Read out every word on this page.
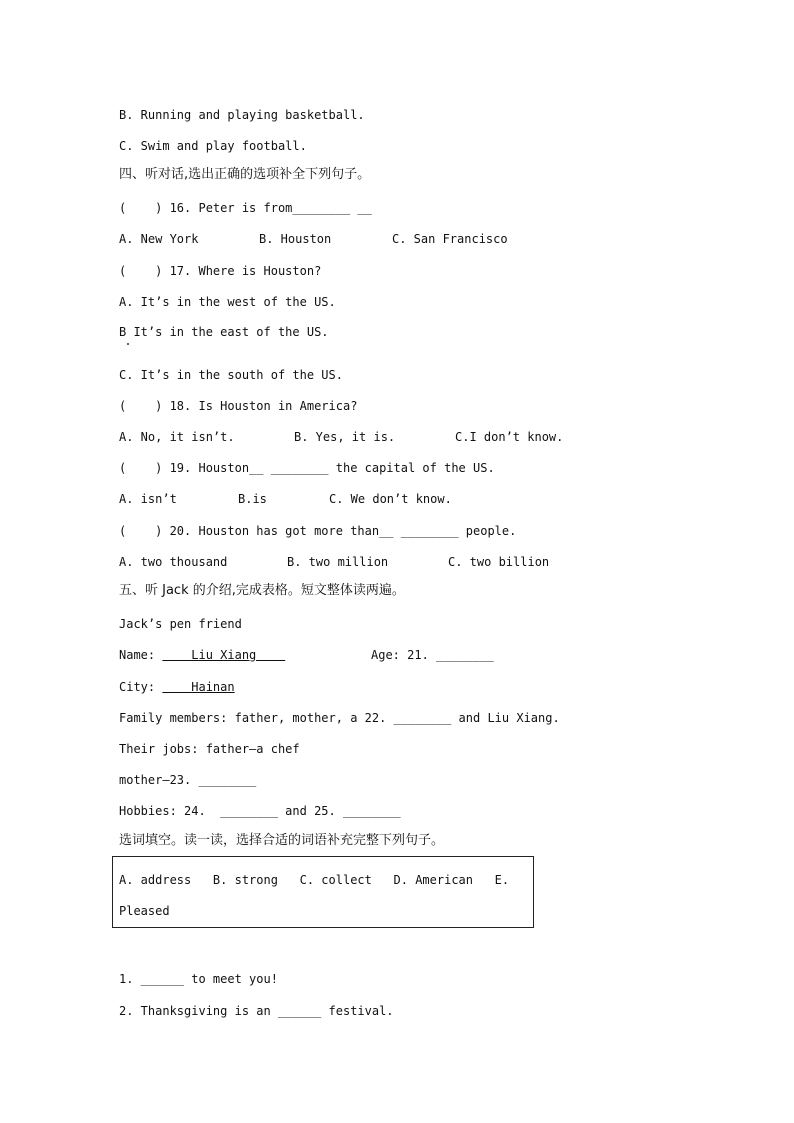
B. Running and playing basketball.
C. Swim and play football.
四、听对话,选出正确的选项补全下列句子。
(    ) 16. Peter is from________ __
A. New York	B. Houston	C. San Francisco
(    ) 17. Where is Houston?
A. It’s in the west of the US.
B It’s in the east of the US.
C. It’s in the south of the US.
(    ) 18. Is Houston in America?
A. No, it isn’t.	B. Yes, it is.	C.I don’t know.
(    ) 19. Houston__ ________ the capital of the US.
A. isn’t	B.is	C. We don’t know.
(    ) 20. Houston has got more than__ ________ people.
A. two thousand	B. two million	C. two billion
五、听 Jack 的介绍,完成表格。短文整体读两遍。
Jack’s pen friend
Name:     Liu Xiang	Age: 21. ________
City:     Hainan
Family members: father, mother, a 22. ________ and Liu Xiang.
Their jobs: father—a chef
mother—23. ________
Hobbies: 24.  ________ and 25. ________
选词填空。读一读，选择合适的词语补充完整下列句子。
A. address   B. strong   C. collect   D. American   E.
Pleased
1. ______ to meet you!
2. Thanksgiving is an ______ festival.
